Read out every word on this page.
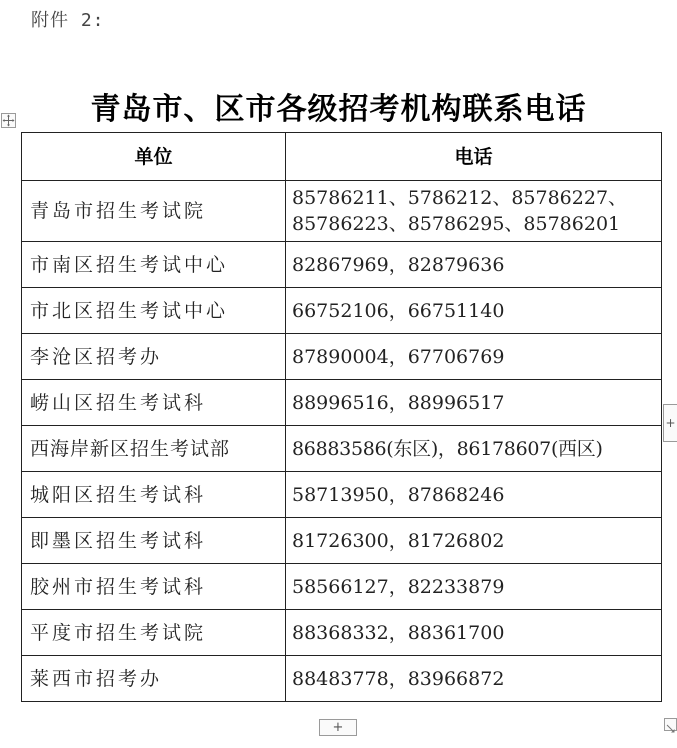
附件 2:
青岛市、区市各级招考机构联系电话
单位	电话
青岛市招生考试院	85786211、5786212、85786227、
85786223、85786295、85786201

市南区招生考试中心	82867969，82879636
市北区招生考试中心	66752106，66751140
李沧区招考办	87890004，67706769
崂山区招生考试科	88996516，88996517
西海岸新区招生考试部	86883586(东区)，86178607(西区)
城阳区招生考试科	58713950，87868246
即墨区招生考试科	81726300，81726802
胶州市招生考试科	58566127，82233879
平度市招生考试院	88368332，88361700
莱西市招考办	88483778，83966872
+
+
